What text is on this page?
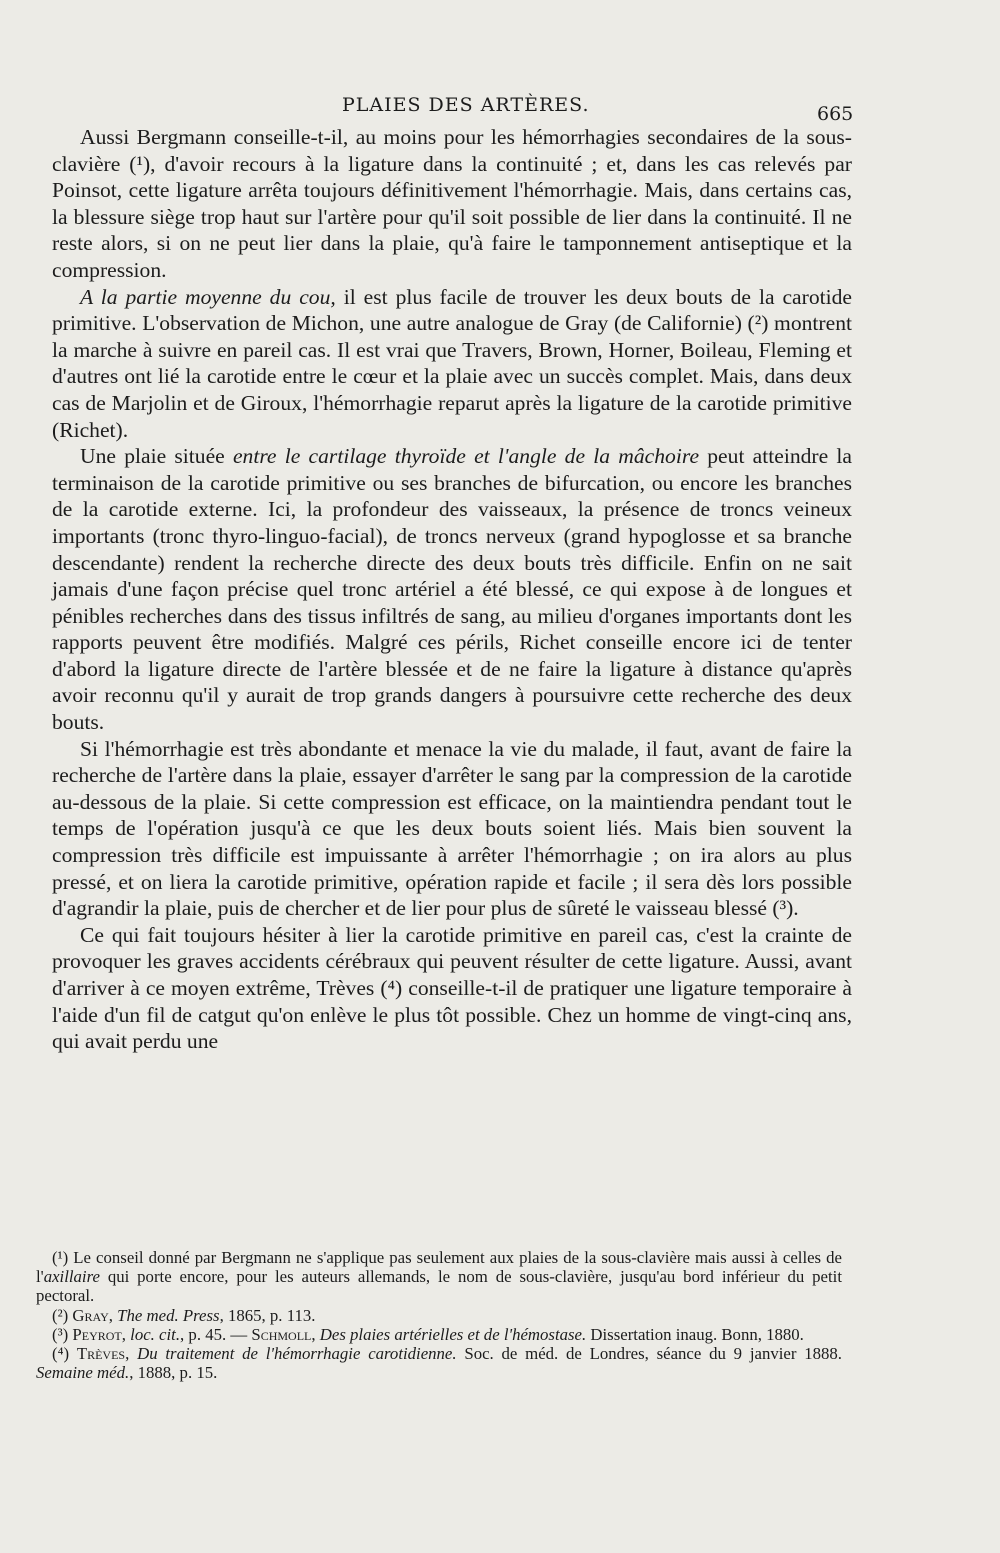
PLAIES DES ARTÈRES.	665

Aussi Bergmann conseille-t-il, au moins pour les hémorrhagies secondaires de la sous-clavière (¹), d'avoir recours à la ligature dans la continuité ; et, dans les cas relevés par Poinsot, cette ligature arrêta toujours définitivement l'hémorrhagie. Mais, dans certains cas, la blessure siège trop haut sur l'artère pour qu'il soit possible de lier dans la continuité. Il ne reste alors, si on ne peut lier dans la plaie, qu'à faire le tamponnement antiseptique et la compression.

A la partie moyenne du cou, il est plus facile de trouver les deux bouts de la carotide primitive. L'observation de Michon, une autre analogue de Gray (de Californie) (²) montrent la marche à suivre en pareil cas. Il est vrai que Travers, Brown, Horner, Boileau, Fleming et d'autres ont lié la carotide entre le cœur et la plaie avec un succès complet. Mais, dans deux cas de Marjolin et de Giroux, l'hémorrhagie reparut après la ligature de la carotide primitive (Richet).

Une plaie située entre le cartilage thyroïde et l'angle de la mâchoire peut atteindre la terminaison de la carotide primitive ou ses branches de bifurcation, ou encore les branches de la carotide externe. Ici, la profondeur des vaisseaux, la présence de troncs veineux importants (tronc thyro-linguo-facial), de troncs nerveux (grand hypoglosse et sa branche descendante) rendent la recherche directe des deux bouts très difficile. Enfin on ne sait jamais d'une façon précise quel tronc artériel a été blessé, ce qui expose à de longues et pénibles recherches dans des tissus infiltrés de sang, au milieu d'organes importants dont les rapports peuvent être modifiés. Malgré ces périls, Richet conseille encore ici de tenter d'abord la ligature directe de l'artère blessée et de ne faire la ligature à distance qu'après avoir reconnu qu'il y aurait de trop grands dangers à poursuivre cette recherche des deux bouts.

Si l'hémorrhagie est très abondante et menace la vie du malade, il faut, avant de faire la recherche de l'artère dans la plaie, essayer d'arrêter le sang par la compression de la carotide au-dessous de la plaie. Si cette compression est efficace, on la maintiendra pendant tout le temps de l'opération jusqu'à ce que les deux bouts soient liés. Mais bien souvent la compression très difficile est impuissante à arrêter l'hémorrhagie ; on ira alors au plus pressé, et on liera la carotide primitive, opération rapide et facile ; il sera dès lors possible d'agrandir la plaie, puis de chercher et de lier pour plus de sûreté le vaisseau blessé (³).

Ce qui fait toujours hésiter à lier la carotide primitive en pareil cas, c'est la crainte de provoquer les graves accidents cérébraux qui peuvent résulter de cette ligature. Aussi, avant d'arriver à ce moyen extrême, Trèves (⁴) conseille-t-il de pratiquer une ligature temporaire à l'aide d'un fil de catgut qu'on enlève le plus tôt possible. Chez un homme de vingt-cinq ans, qui avait perdu une

(¹) Le conseil donné par Bergmann ne s'applique pas seulement aux plaies de la sous-clavière mais aussi à celles de l'axillaire qui porte encore, pour les auteurs allemands, le nom de sous-clavière, jusqu'au bord inférieur du petit pectoral.

(²) Gray, The med. Press, 1865, p. 113.

(³) Peyrot, loc. cit., p. 45. — Schmoll, Des plaies artérielles et de l'hémostase. Dissertation inaug. Bonn, 1880.

(⁴) Trèves, Du traitement de l'hémorrhagie carotidienne. Soc. de méd. de Londres, séance du 9 janvier 1888. Semaine méd., 1888, p. 15.
